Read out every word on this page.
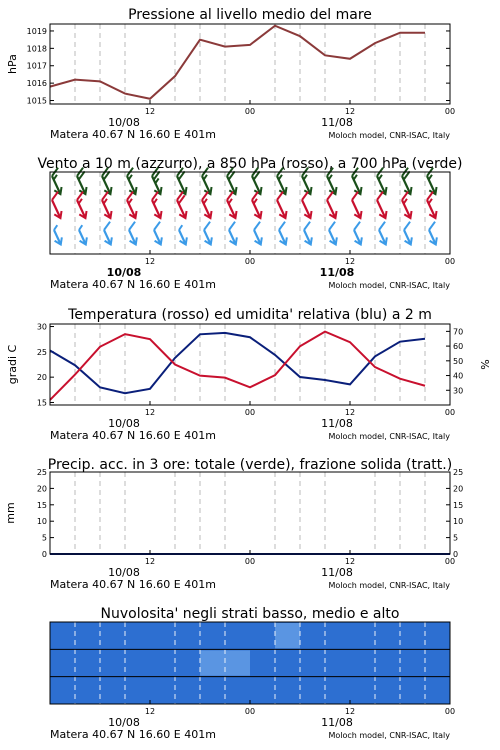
Pressione al livello medio del mare
1015
1016
1017
1018
1019
hPa
12	00	12	00
10/08	11/08
Matera 40.67 N 16.60 E 401m	Moloch model, CNR-ISAC, Italy
Vento a 10 m (azzurro), a 850 hPa (rosso), a 700 hPa (verde)
12	00	12	00
10/08	11/08
Matera 40.67 N 16.60 E 401m	Moloch model, CNR-ISAC, Italy
Temperatura (rosso) ed umidita' relativa (blu) a 2 m
15
20
25
30
30
40
50
60
70
gradi C	%
12	00	12	00
10/08	11/08
Matera 40.67 N 16.60 E 401m	Moloch model, CNR-ISAC, Italy
Precip. acc. in 3 ore: totale (verde), frazione solida (tratt.)
0	0
5	5
10	10
15	15
20	20
25	25
mm
12	00	12	00
10/08	11/08
Matera 40.67 N 16.60 E 401m	Moloch model, CNR-ISAC, Italy
Nuvolosita' negli strati basso, medio e alto
12	00	12	00
10/08	11/08
Matera 40.67 N 16.60 E 401m	Moloch model, CNR-ISAC, Italy
